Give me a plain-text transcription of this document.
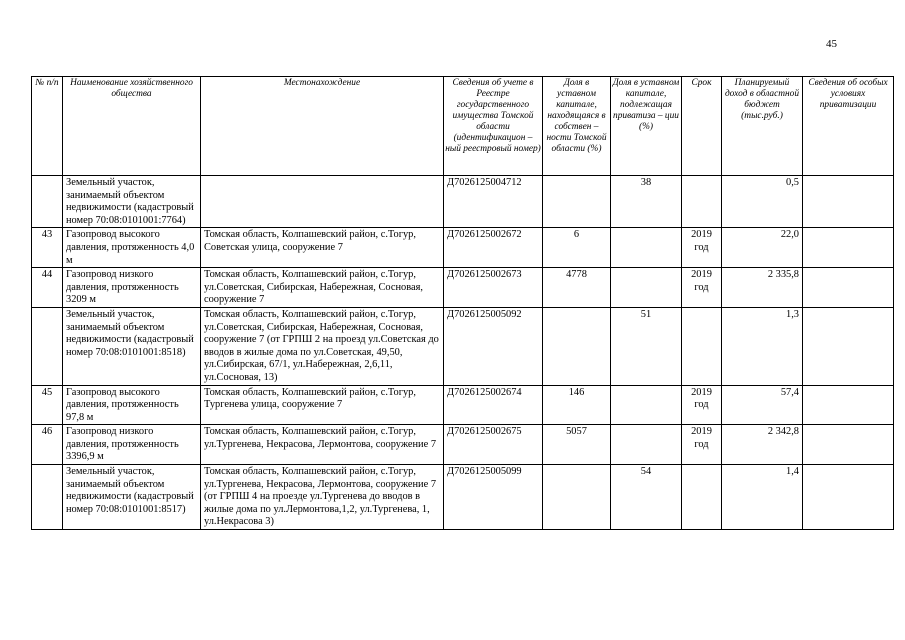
45
№ п/п	Наименование хозяйственного общества	Местонахождение	Сведения об учете в Реестре государственного имущества Томской области (идентификацион – ный реестровый номер)	Доля в уставном капитале, находящаяся в собствен – ности Томской области (%)	Доля в уставном капитале, подлежащая приватиза – ции (%)	Срок	Планируемый доход в областной бюджет (тыс.руб.)	Сведения об особых условиях приватизации
	Земельный участок, занимаемый объектом недвижимости (кадастровый номер 70:08:0101001:7764)		Д7026125004712		38		0,5	
43	Газопровод высокого давления, протяженность 4,0 м	Томская область, Колпашевский район, с.Тогур, Советская улица, сооружение 7	Д7026125002672	6		2019 год	22,0	
44	Газопровод низкого давления, протяженность 3209 м	Томская область, Колпашевский район, с.Тогур, ул.Советская, Сибирская, Набережная, Сосновая, сооружение 7	Д7026125002673	4778		2019 год	2 335,8	
	Земельный участок, занимаемый объектом недвижимости (кадастровый номер 70:08:0101001:8518)	Томская область, Колпашевский район, с.Тогур, ул.Советская, Сибирская, Набережная, Сосновая, сооружение 7 (от ГРПШ 2 на проезд ул.Советская до вводов в жилые дома по ул.Советская, 49,50, ул.Сибирская, 67/1, ул.Набережная, 2,6,11, ул.Сосновая, 13)	Д7026125005092		51		1,3	
45	Газопровод высокого давления, протяженность 97,8 м	Томская область, Колпашевский район, с.Тогур, Тургенева улица, сооружение 7	Д7026125002674	146		2019 год	57,4	
46	Газопровод низкого давления, протяженность 3396,9 м	Томская область, Колпашевский район, с.Тогур, ул.Тургенева, Некрасова, Лермонтова, сооружение 7	Д7026125002675	5057		2019 год	2 342,8	
	Земельный участок, занимаемый объектом недвижимости (кадастровый номер 70:08:0101001:8517)	Томская область, Колпашевский район, с.Тогур, ул.Тургенева, Некрасова, Лермонтова, сооружение 7 (от ГРПШ 4 на проезде ул.Тургенева до вводов в жилые дома по ул.Лермонтова,1,2, ул.Тургенева, 1, ул.Некрасова 3)	Д7026125005099		54		1,4	
